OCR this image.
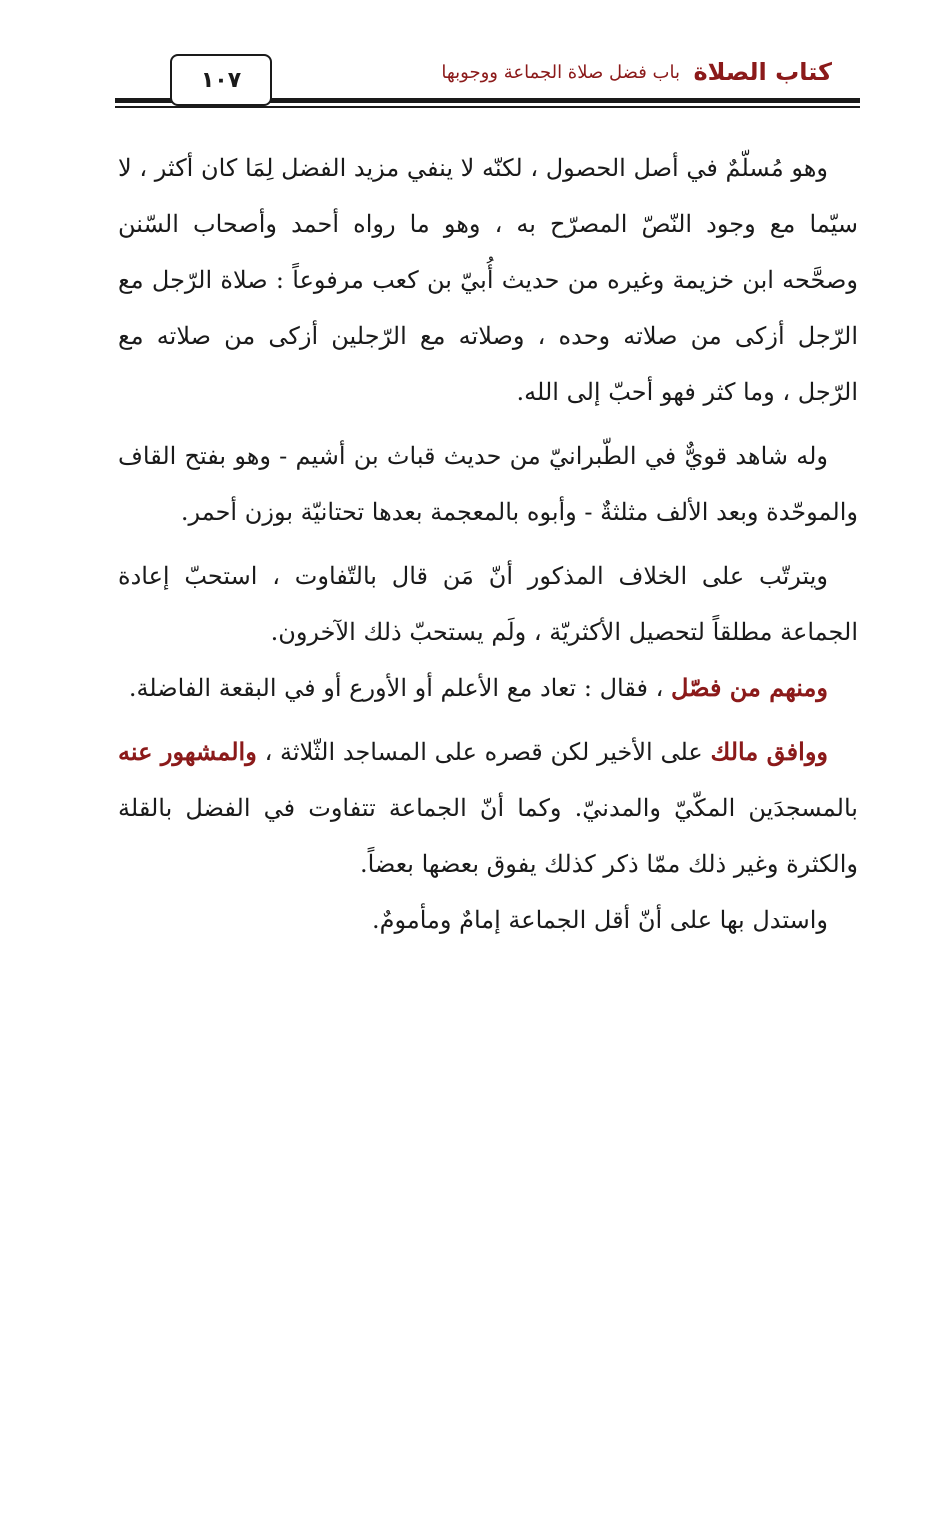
١٠٧	باب فضل صلاة الجماعة ووجوبها كتاب الصلاة

وهو مُسلّمٌ في أصل الحصول ، لكنّه لا ينفي مزيد الفضل لِمَا كان أكثر ، لا سيّما مع وجود النّصّ المصرّح به ، وهو ما رواه أحمد وأصحاب السّنن وصحَّحه ابن خزيمة وغيره من حديث أُبيّ بن كعب مرفوعاً : صلاة الرّجل مع الرّجل أزكى من صلاته وحده ، وصلاته مع الرّجلين أزكى من صلاته مع الرّجل ، وما كثر فهو أحبّ إلى الله.

وله شاهد قويٌّ في الطّبرانيّ من حديث قباث بن أشيم - وهو بفتح القاف والموحّدة وبعد الألف مثلثةٌ - وأبوه بالمعجمة بعدها تحتانيّة بوزن أحمر.

ويترتّب على الخلاف المذكور أنّ مَن قال بالتّفاوت ، استحبّ إعادة الجماعة مطلقاً لتحصيل الأكثريّة ، ولَم يستحبّ ذلك الآخرون.

ومنهم من فصّل ، فقال : تعاد مع الأعلم أو الأورع أو في البقعة الفاضلة.

ووافق مالك على الأخير لكن قصره على المساجد الثّلاثة ، والمشهور عنه بالمسجدَين المكّيّ والمدنيّ. وكما أنّ الجماعة تتفاوت في الفضل بالقلة والكثرة وغير ذلك ممّا ذكر كذلك يفوق بعضها بعضاً.

واستدل بها على أنّ أقل الجماعة إمامٌ ومأمومٌ.
